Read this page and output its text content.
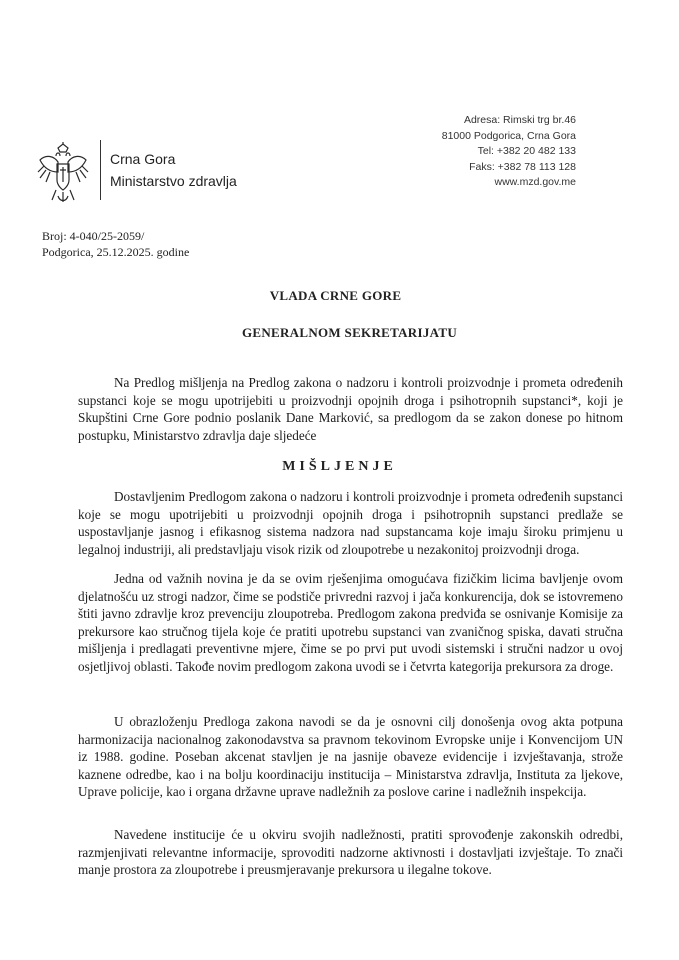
Crna Gora
Ministarstvo zdravlja
Adresa: Rimski trg br.46
81000 Podgorica, Crna Gora
Tel: +382 20 482 133
Faks: +382 78 113 128
www.mzd.gov.me
Broj: 4-040/25-2059/
Podgorica, 25.12.2025. godine
VLADA CRNE GORE
GENERALNOM SEKRETARIJATU

Na Predlog mišljenja na Predlog zakona o nadzoru i kontroli proizvodnje i prometa određenih supstanci koje se mogu upotrijebiti u proizvodnji opojnih droga i psihotropnih supstanci*, koji je Skupštini Crne Gore podnio poslanik Dane Marković, sa predlogom da se zakon donese po hitnom postupku, Ministarstvo zdravlja daje sljedeće

MIŠLJENJE

Dostavljenim Predlogom zakona o nadzoru i kontroli proizvodnje i prometa određenih supstanci koje se mogu upotrijebiti u proizvodnji opojnih droga i psihotropnih supstanci predlaže se uspostavljanje jasnog i efikasnog sistema nadzora nad supstancama koje imaju široku primjenu u legalnoj industriji, ali predstavljaju visok rizik od zloupotrebe u nezakonitoj proizvodnji droga.

Jedna od važnih novina je da se ovim rješenjima omogućava fizičkim licima bavljenje ovom djelatnošću uz strogi nadzor, čime se podstiče privredni razvoj i jača konkurencija, dok se istovremeno štiti javno zdravlje kroz prevenciju zloupotreba. Predlogom zakona predviđa se osnivanje Komisije za prekursore kao stručnog tijela koje će pratiti upotrebu supstanci van zvaničnog spiska, davati stručna mišljenja i predlagati preventivne mjere, čime se po prvi put uvodi sistemski i stručni nadzor u ovoj osjetljivoj oblasti. Takođe novim predlogom zakona uvodi se i četvrta kategorija prekursora za droge.

U obrazloženju Predloga zakona navodi se da je osnovni cilj donošenja ovog akta potpuna harmonizacija nacionalnog zakonodavstva sa pravnom tekovinom Evropske unije i Konvencijom UN iz 1988. godine. Poseban akcenat stavljen je na jasnije obaveze evidencije i izvještavanja, strože kaznene odredbe, kao i na bolju koordinaciju institucija – Ministarstva zdravlja, Instituta za ljekove, Uprave policije, kao i organa državne uprave nadležnih za poslove carine i nadležnih inspekcija.

Navedene institucije će u okviru svojih nadležnosti, pratiti sprovođenje zakonskih odredbi, razmjenjivati relevantne informacije, sprovoditi nadzorne aktivnosti i dostavljati izvještaje. To znači manje prostora za zloupotrebe i preusmjeravanje prekursora u ilegalne tokove.
